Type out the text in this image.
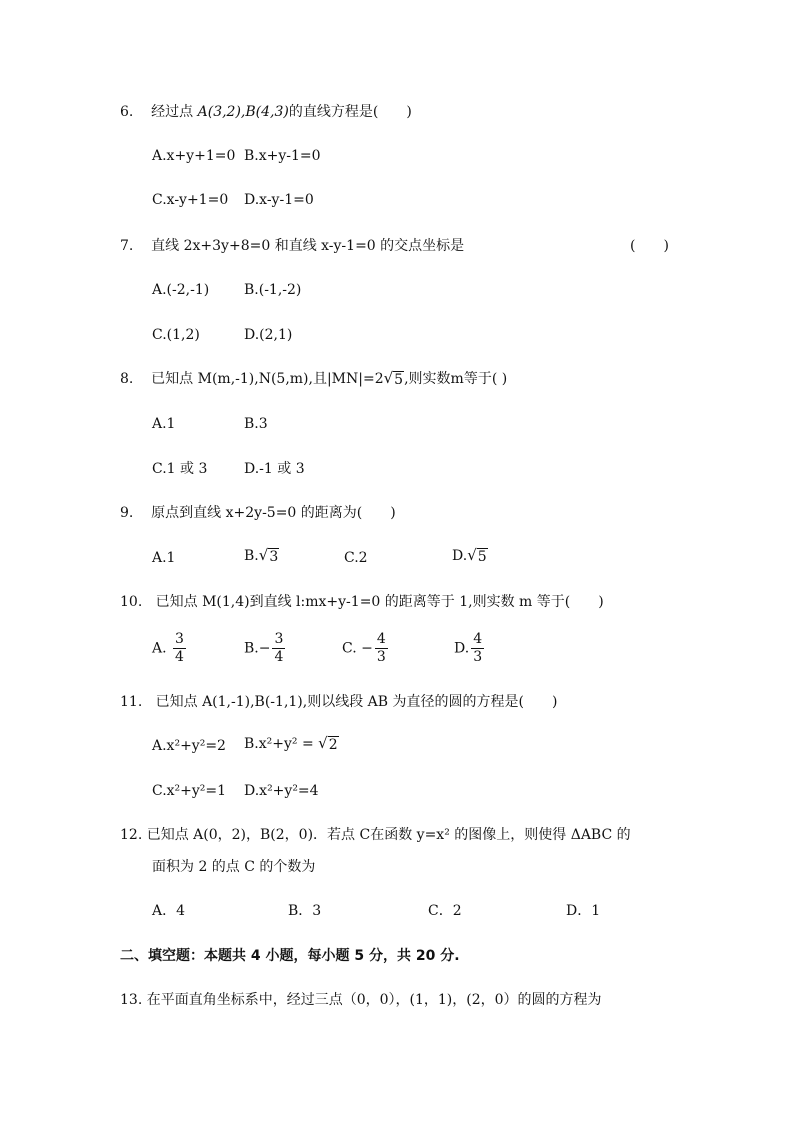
6. 经过点 A(3,2),B(4,3)的直线方程是(　　)
A.x+y+1=0 B.x+y-1=0
C.x-y+1=0 D.x-y-1=0
7. 直线 2x+3y+8=0 和直线 x-y-1=0 的交点坐标是	(　　)
A.(-2,-1) B.(-1,-2)
C.(1,2)	D.(2,1)
8. 已知点 M(m,-1),N(5,m),且|MN|=2 √ 5 ,则实数m等于( )
A.1	B.3
C.1 或 3	D.-1 或 3
9. 原点到直线 x+2y-5=0 的距离为(　　)
A.1	B. √ 3	C.2	D. √ 5
10. 已知点 M(1,4)到直线 l:mx+y-1=0 的距离等于 1,则实数 m 等于(　　)
A. $\frac{3}{4}$	$B.- \frac{3}{4}$	C. − $\frac{4}{3}$	D. $\frac{4}{3}$
11. 已知点 A(1,-1),B(-1,1),则以线段 AB 为直径的圆的方程是(　　)
A.x²+y²=2 B.x²+y² = √ 2
C.x²+y²=1 D.x²+y²=4
12. 已知点 A(0，2)，B(2，0)．若点 C在函数 y=x² 的图像上，则使得 ΔABC 的
面积为 2 的点 C 的个数为
A．4	B．3	C．2	D．1
二、填空题：本题共 4 小题，每小题 5 分，共 20 分.
13. 在平面直角坐标系中，经过三点（0，0），(1，1)，(2，0）的圆的方程为
